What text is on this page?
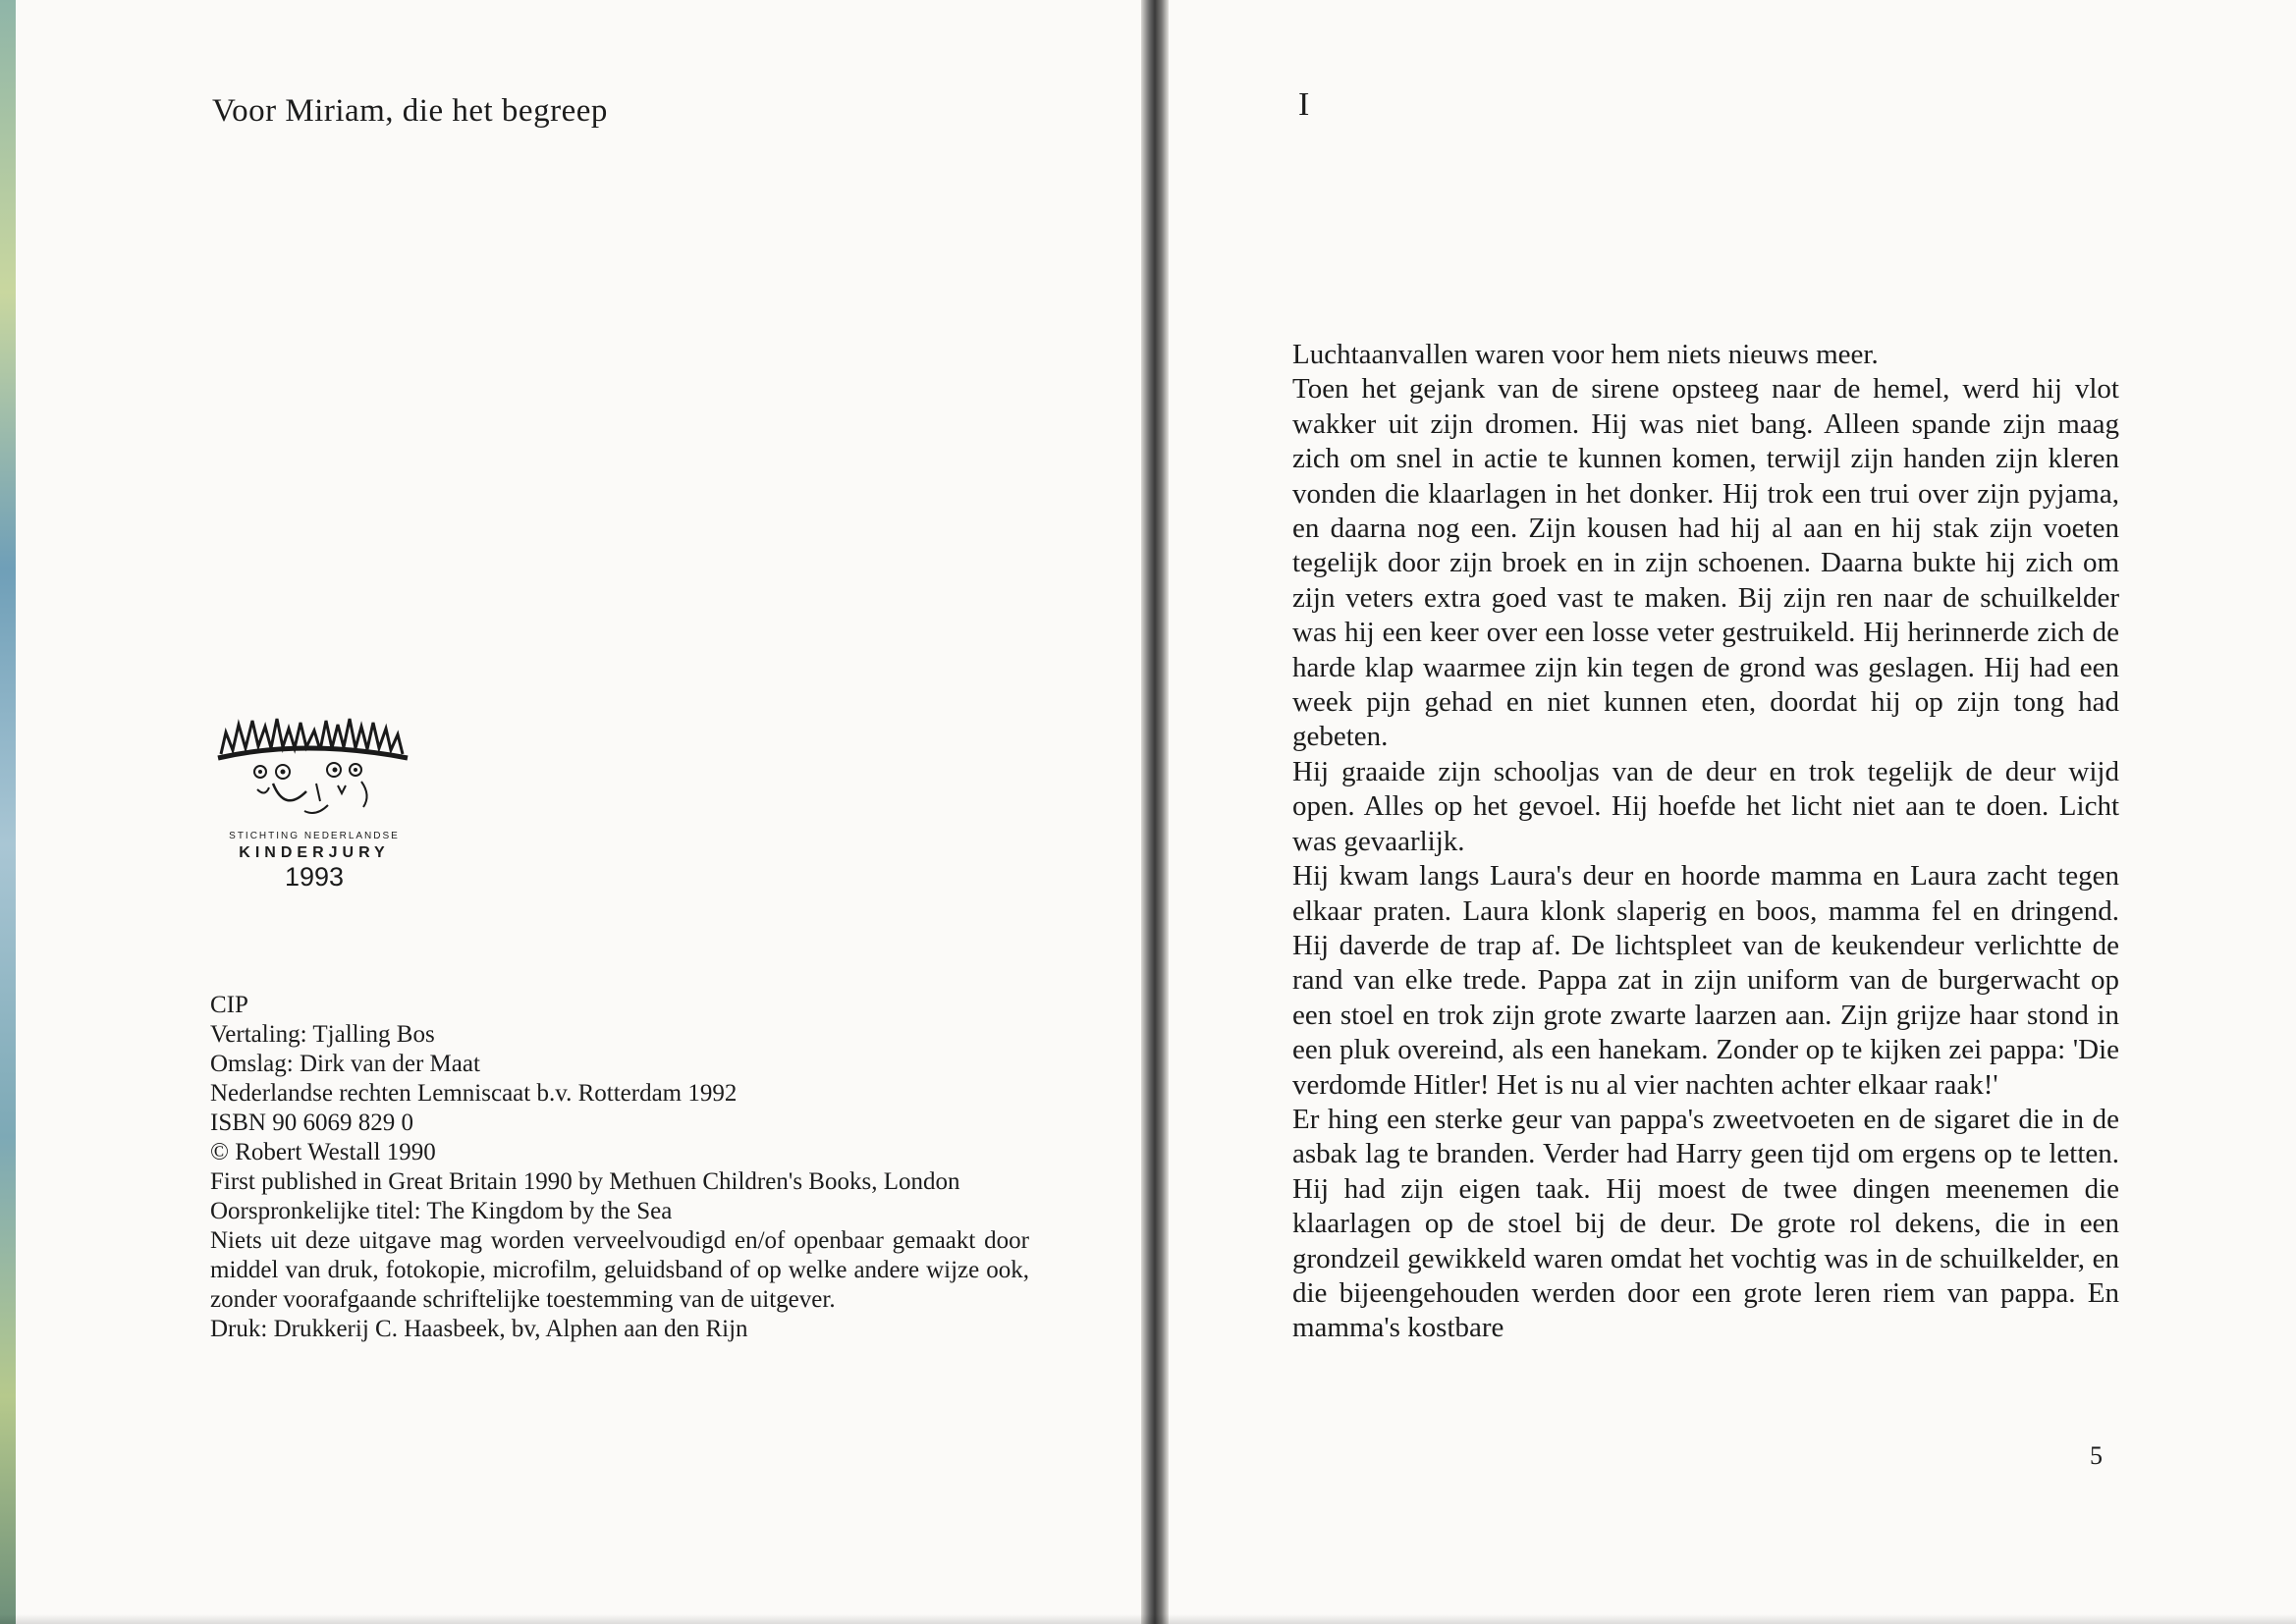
Voor Miriam, die het begreep
STICHTING NEDERLANDSE
KINDERJURY
1993
CIP
Vertaling: Tjalling Bos
Omslag: Dirk van der Maat
Nederlandse rechten Lemniscaat b.v. Rotterdam 1992
ISBN 90 6069 829 0
© Robert Westall 1990
First published in Great Britain 1990 by Methuen Children's Books, London
Oorspronkelijke titel: The Kingdom by the Sea
Niets uit deze uitgave mag worden verveelvoudigd en/of openbaar gemaakt door middel van druk, fotokopie, microfilm, geluidsband of op welke andere wijze ook, zonder voorafgaande schriftelijke toestemming van de uitgever.
Druk: Drukkerij C. Haasbeek, bv, Alphen aan den Rijn
I

Luchtaanvallen waren voor hem niets nieuws meer.

Toen het gejank van de sirene opsteeg naar de hemel, werd hij vlot wakker uit zijn dromen. Hij was niet bang. Alleen spande zijn maag zich om snel in actie te kunnen komen, terwijl zijn handen zijn kleren vonden die klaarlagen in het donker. Hij trok een trui over zijn pyjama, en daarna nog een. Zijn kousen had hij al aan en hij stak zijn voeten tegelijk door zijn broek en in zijn schoenen. Daarna bukte hij zich om zijn veters extra goed vast te maken. Bij zijn ren naar de schuilkelder was hij een keer over een losse veter gestruikeld. Hij herinnerde zich de harde klap waarmee zijn kin tegen de grond was geslagen. Hij had een week pijn gehad en niet kunnen eten, doordat hij op zijn tong had gebeten.

Hij graaide zijn schooljas van de deur en trok tegelijk de deur wijd open. Alles op het gevoel. Hij hoefde het licht niet aan te doen. Licht was gevaarlijk.

Hij kwam langs Laura's deur en hoorde mamma en Laura zacht tegen elkaar praten. Laura klonk slaperig en boos, mamma fel en dringend. Hij daverde de trap af. De lichtspleet van de keukendeur verlichtte de rand van elke trede. Pappa zat in zijn uniform van de burgerwacht op een stoel en trok zijn grote zwarte laarzen aan. Zijn grijze haar stond in een pluk overeind, als een hanekam. Zonder op te kijken zei pappa: 'Die verdomde Hitler! Het is nu al vier nachten achter elkaar raak!'

Er hing een sterke geur van pappa's zweetvoeten en de sigaret die in de asbak lag te branden. Verder had Harry geen tijd om ergens op te letten. Hij had zijn eigen taak. Hij moest de twee dingen meenemen die klaarlagen op de stoel bij de deur. De grote rol dekens, die in een grondzeil gewikkeld waren omdat het vochtig was in de schuilkelder, en die bijeengehouden werden door een grote leren riem van pappa. En mamma's kostbare

5
